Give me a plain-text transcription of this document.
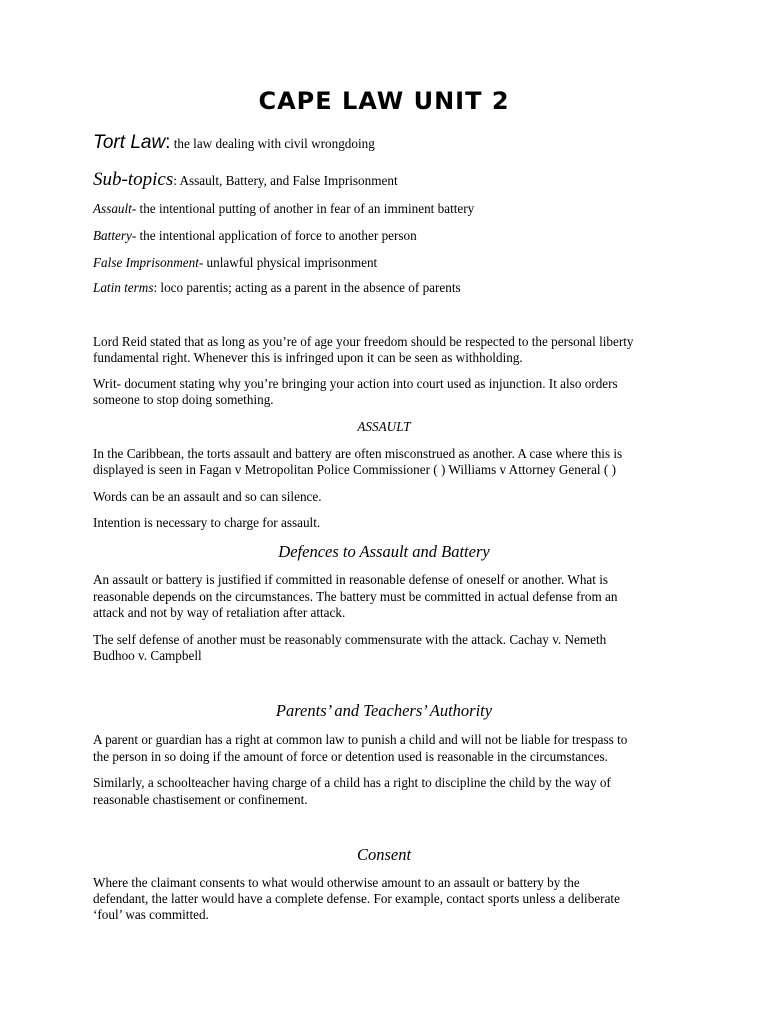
CAPE LAW UNIT 2
Tort Law: the law dealing with civil wrongdoing
Sub-topics: Assault, Battery, and False Imprisonment
Assault- the intentional putting of another in fear of an imminent battery
Battery- the intentional application of force to another person
False Imprisonment- unlawful physical imprisonment
Latin terms: loco parentis; acting as a parent in the absence of parents
Lord Reid stated that as long as you’re of age your freedom should be respected to the personal liberty
fundamental right. Whenever this is infringed upon it can be seen as withholding.
Writ- document stating why you’re bringing your action into court used as injunction. It also orders
someone to stop doing something.
ASSAULT
In the Caribbean, the torts assault and battery are often misconstrued as another. A case where this is
displayed is seen in Fagan v Metropolitan Police Commissioner ( ) Williams v Attorney General ( )
Words can be an assault and so can silence.
Intention is necessary to charge for assault.
Defences to Assault and Battery
An assault or battery is justified if committed in reasonable defense of oneself or another. What is
reasonable depends on the circumstances. The battery must be committed in actual defense from an
attack and not by way of retaliation after attack.
The self defense of another must be reasonably commensurate with the attack. Cachay v. Nemeth
Budhoo v. Campbell
Parents’ and Teachers’ Authority
A parent or guardian has a right at common law to punish a child and will not be liable for trespass to
the person in so doing if the amount of force or detention used is reasonable in the circumstances.
Similarly, a schoolteacher having charge of a child has a right to discipline the child by the way of
reasonable chastisement or confinement.
Consent
Where the claimant consents to what would otherwise amount to an assault or battery by the
defendant, the latter would have a complete defense. For example, contact sports unless a deliberate
‘foul’ was committed.
